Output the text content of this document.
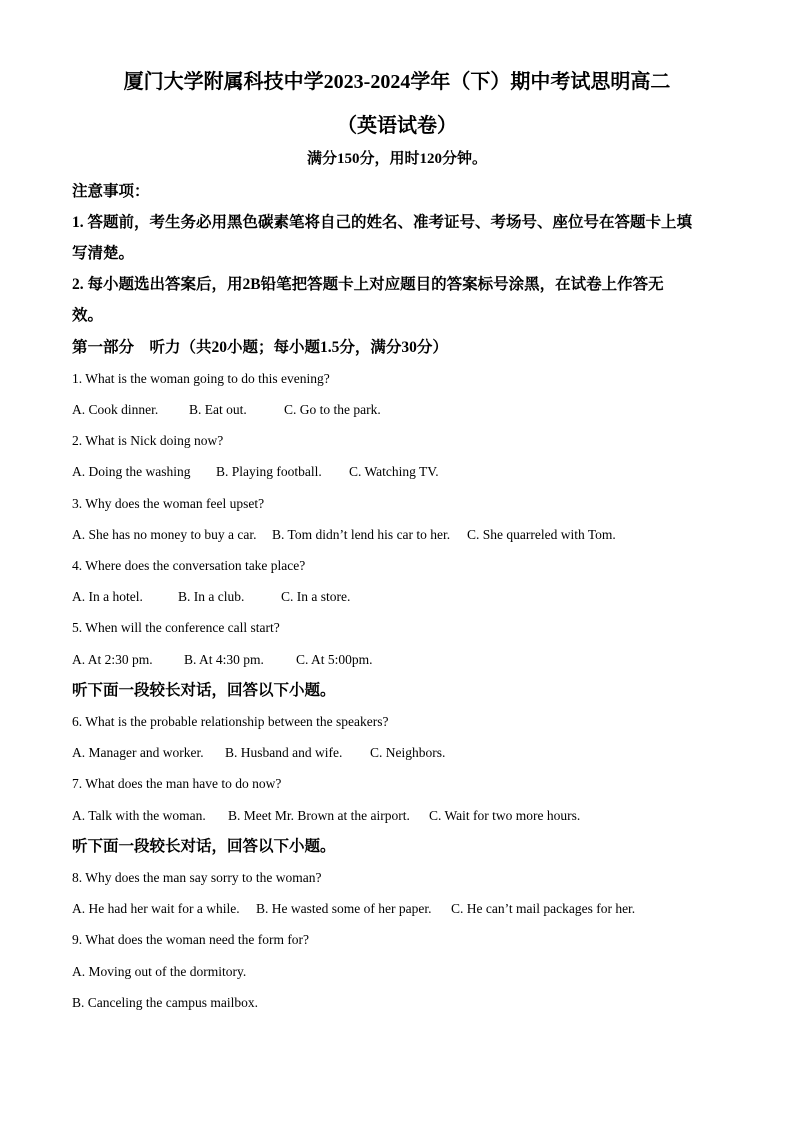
厦门大学附属科技中学2023-2024学年（下）期中考试思明高二
（英语试卷）
满分150分，用时120分钟。
注意事项：
1. 答题前，考生务必用黑色碳素笔将自己的姓名、准考证号、考场号、座位号在答题卡上填
写清楚。
2. 每小题选出答案后，用2B铅笔把答题卡上对应题目的答案标号涂黑，在试卷上作答无
效。
第一部分　听力（共20小题；每小题1.5分，满分30分）
1. What is the woman going to do this evening?
A. Cook dinner. B. Eat out.	C. Go to the park.
2. What is Nick doing now?
A. Doing the washing B. Playing football. C. Watching TV.
3. Why does the woman feel upset?
A. She has no money to buy a car. B. Tom didn’t lend his car to her. C. She quarreled with Tom.
4. Where does the conversation take place?
A. In a hotel.	B. In a club.	C. In a store.
5. When will the conference call start?
A. At 2:30 pm. B. At 4:30 pm. C. At 5:00pm.
听下面一段较长对话，回答以下小题。
6. What is the probable relationship between the speakers?
A. Manager and worker. B. Husband and wife. C. Neighbors.
7. What does the man have to do now?
A. Talk with the woman. B. Meet Mr. Brown at the airport. C. Wait for two more hours.
听下面一段较长对话，回答以下小题。
8. Why does the man say sorry to the woman?
A. He had her wait for a while. B. He wasted some of her paper. C. He can’t mail packages for her.
9. What does the woman need the form for?
A. Moving out of the dormitory.
B. Canceling the campus mailbox.
